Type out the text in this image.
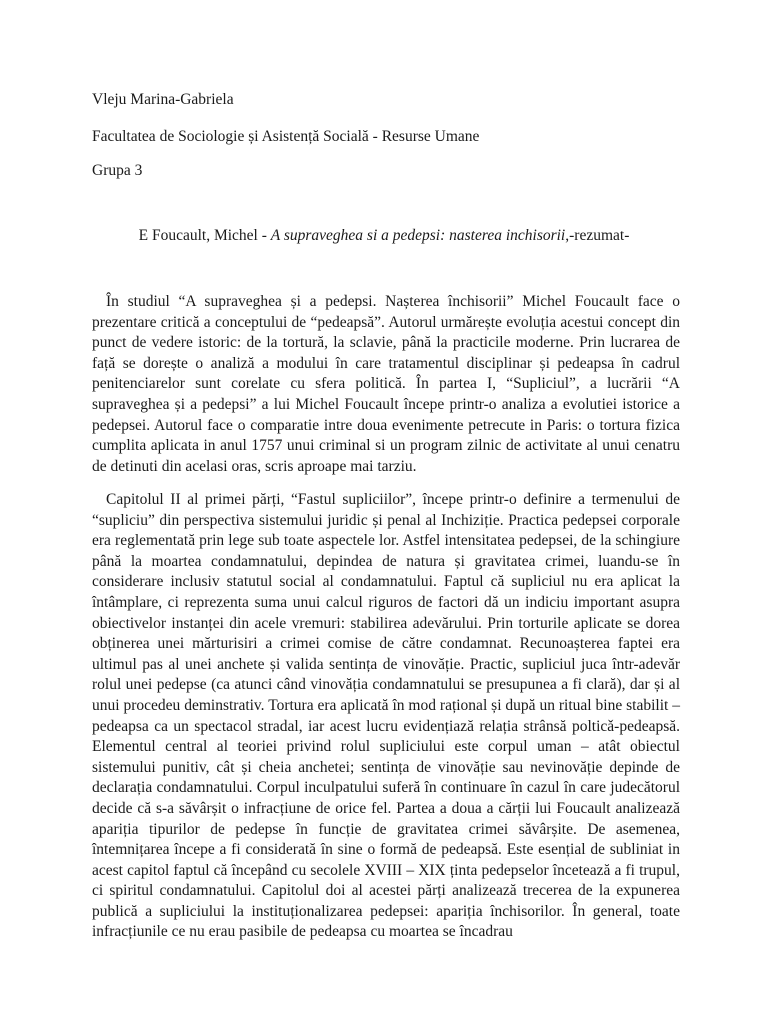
Vleju Marina-Gabriela
Facultatea de Sociologie și Asistență Socială - Resurse Umane
Grupa 3
E Foucault, Michel - A supraveghea si a pedepsi: nasterea inchisorii,-rezumat-

În studiul “A supraveghea și a pedepsi. Nașterea închisorii” Michel Foucault face o prezentare critică a conceptului de “pedeapsă”. Autorul urmărește evoluția acestui concept din punct de vedere istoric: de la tortură, la sclavie, până la practicile moderne. Prin lucrarea de față se dorește o analiză a modului în care tratamentul disciplinar și pedeapsa în cadrul penitenciarelor sunt corelate cu sfera politică. În partea I, “Supliciul”, a lucrării “A supraveghea și a pedepsi” a lui Michel Foucault începe printr-o analiza a evolutiei istorice a pedepsei. Autorul face o comparatie intre doua evenimente petrecute in Paris: o tortura fizica cumplita aplicata in anul 1757 unui criminal si un program zilnic de activitate al unui cenatru de detinuti din acelasi oras, scris aproape mai tarziu.

Capitolul II al primei părți, “Fastul supliciilor”, începe printr-o definire a termenului de “supliciu” din perspectiva sistemului juridic și penal al Inchiziție. Practica pedepsei corporale era reglementată prin lege sub toate aspectele lor. Astfel intensitatea pedepsei, de la schingiure până la moartea condamnatului, depindea de natura și gravitatea crimei, luandu-se în considerare inclusiv statutul social al condamnatului. Faptul că supliciul nu era aplicat la întâmplare, ci reprezenta suma unui calcul riguros de factori dă un indiciu important asupra obiectivelor instanței din acele vremuri: stabilirea adevărului. Prin torturile aplicate se dorea obținerea unei mărturisiri a crimei comise de către condamnat. Recunoașterea faptei era ultimul pas al unei anchete și valida sentința de vinovăție. Practic, supliciul juca într-adevăr rolul unei pedepse (ca atunci când vinovăția condamnatului se presupunea a fi clară), dar și al unui procedeu deminstrativ. Tortura era aplicată în mod rațional și după un ritual bine stabilit – pedeapsa ca un spectacol stradal, iar acest lucru evidențiază relația strânsă polticǎ-pedeapsă. Elementul central al teoriei privind rolul supliciului este corpul uman – atât obiectul sistemului punitiv, cât și cheia anchetei; sentința de vinovăție sau nevinovăție depinde de declarația condamnatului. Corpul inculpatului suferă în continuare în cazul în care judecătorul decide că s-a săvârșit o infracțiune de orice fel. Partea a doua a cărții lui Foucault analizează apariția tipurilor de pedepse în funcție de gravitatea crimei săvârșite. De asemenea, întemnițarea începe a fi considerată în sine o formă de pedeapsă. Este esențial de subliniat in acest capitol faptul că începând cu secolele XVIII – XIX ținta pedepselor încetează a fi trupul, ci spiritul condamnatului. Capitolul doi al acestei părți analizează trecerea de la expunerea publică a supliciului la instituționalizarea pedepsei: apariția închisorilor. În general, toate infracțiunile ce nu erau pasibile de pedeapsa cu moartea se încadrau
